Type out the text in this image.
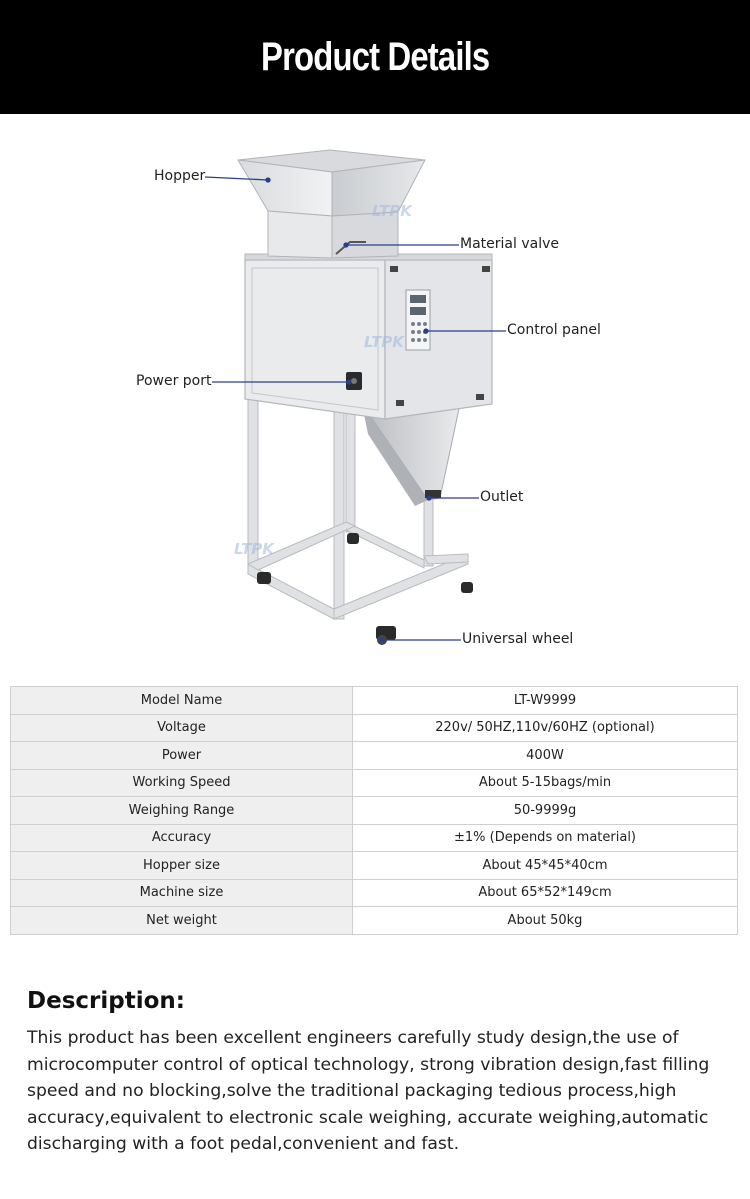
Product Details
LTPK
LTPK
LTPK
Hopper
Material valve
Control panel
Power port
Outlet
Universal wheel
Model Name	LT-W9999
Voltage	220v/ 50HZ,110v/60HZ (optional)
Power	400W
Working Speed	About 5-15bags/min
Weighing Range	50-9999g
Accuracy	±1% (Depends on material)
Hopper size	About 45*45*40cm
Machine size	About 65*52*149cm
Net weight	About 50kg
Description:

This product has been excellent engineers carefully study design,the use of microcomputer control of optical technology, strong vibration design,fast filling speed and no blocking,solve the traditional packaging tedious process,high accuracy,equivalent to electronic scale weighing, accurate weighing,automatic discharging with a foot pedal,convenient and fast.
